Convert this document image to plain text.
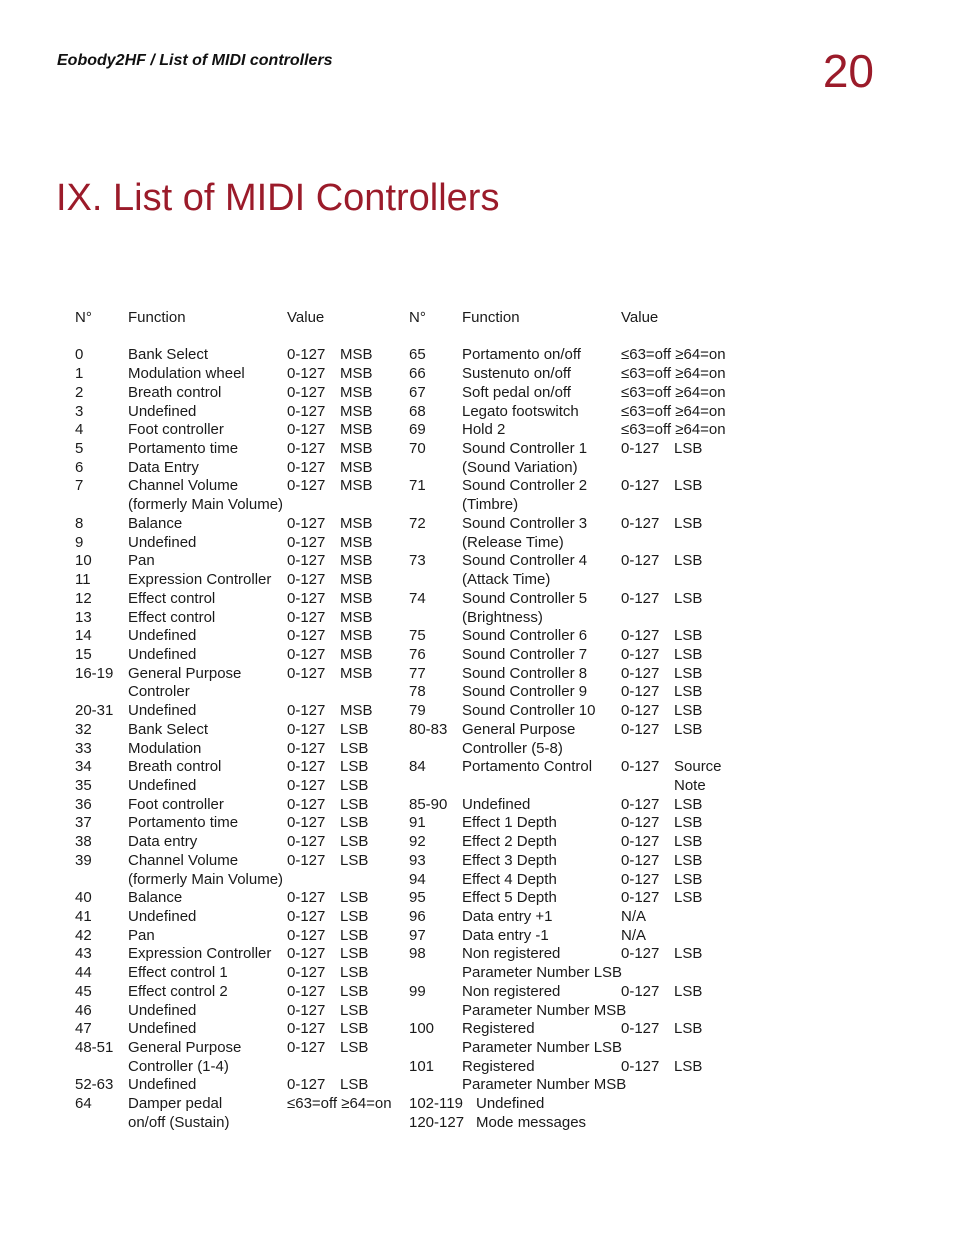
Eobody2HF / List of MIDI controllers	20
IX. List of MIDI Controllers
N° Function	Value
0	Bank Select	0-127 MSB
1	Modulation wheel	0-127 MSB
2	Breath control	0-127 MSB
3	Undefined	0-127 MSB
4	Foot controller	0-127 MSB
5	Portamento time	0-127 MSB
6	Data Entry	0-127 MSB
7	Channel Volume	0-127 MSB
(formerly Main Volume)
8	Balance	0-127 MSB
9	Undefined	0-127 MSB
10 Pan	0-127 MSB
11 Expression Controller 0-127 MSB
12 Effect control	0-127 MSB
13 Effect control	0-127 MSB
14 Undefined	0-127 MSB
15 Undefined	0-127 MSB
16-19 General Purpose	0-127 MSB
Controler
20-31 Undefined	0-127 MSB
32 Bank Select	0-127 LSB
33 Modulation	0-127 LSB
34 Breath control	0-127 LSB
35 Undefined	0-127 LSB
36 Foot controller	0-127 LSB
37 Portamento time	0-127 LSB
38 Data entry	0-127 LSB
39 Channel Volume	0-127 LSB
(formerly Main Volume)
40 Balance	0-127 LSB
41 Undefined	0-127 LSB
42 Pan	0-127 LSB
43 Expression Controller 0-127 LSB
44 Effect control 1	0-127 LSB
45 Effect control 2	0-127 LSB
46 Undefined	0-127 LSB
47 Undefined	0-127 LSB
48-51 General Purpose	0-127 LSB
Controller (1-4)
52-63 Undefined	0-127 LSB
64 Damper pedal	≤63=off ≥64=on
on/off (Sustain)
N° Function	Value
65 Portamento on/off	≤63=off ≥64=on
66 Sustenuto on/off	≤63=off ≥64=on
67 Soft pedal on/off	≤63=off ≥64=on
68 Legato footswitch	≤63=off ≥64=on
69 Hold 2	≤63=off ≥64=on
70 Sound Controller 1 0-127 LSB
(Sound Variation)
71 Sound Controller 2 0-127 LSB
(Timbre)
72 Sound Controller 3 0-127 LSB
(Release Time)
73 Sound Controller 4 0-127 LSB
(Attack Time)
74 Sound Controller 5 0-127 LSB
(Brightness)
75 Sound Controller 6 0-127 LSB
76 Sound Controller 7 0-127 LSB
77 Sound Controller 8 0-127 LSB
78 Sound Controller 9 0-127 LSB
79 Sound Controller 10 0-127 LSB
80-83 General Purpose	0-127 LSB
Controller (5-8)
84 Portamento Control 0-127 Source
Note
85-90 Undefined	0-127 LSB
91 Effect 1 Depth	0-127 LSB
92 Effect 2 Depth	0-127 LSB
93 Effect 3 Depth	0-127 LSB
94 Effect 4 Depth	0-127 LSB
95 Effect 5 Depth	0-127 LSB
96 Data entry +1	N/A
97 Data entry -1	N/A
98 Non registered	0-127 LSB
Parameter Number LSB
99 Non registered	0-127 LSB
Parameter Number MSB
100 Registered	0-127 LSB
Parameter Number LSB
101 Registered	0-127 LSB
Parameter Number MSB
102-119 Undefined
120-127 Mode messages
